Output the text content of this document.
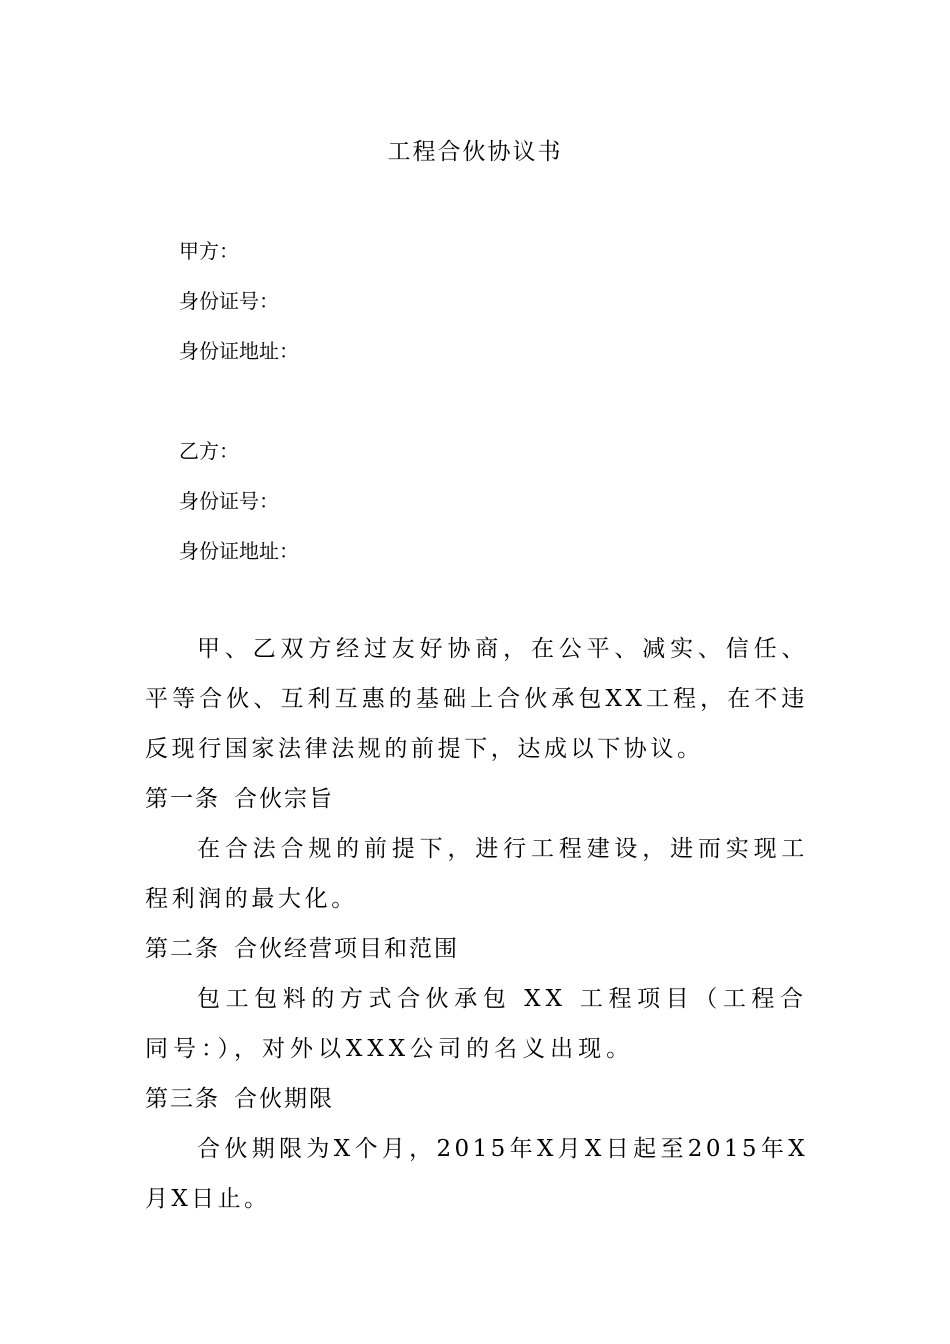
工程合伙协议书
甲方：
身份证号：
身份证地址：
乙方：
身份证号：
身份证地址：

甲、乙双方经过友好协商，在公平、减实、信任、平等合伙、互利互惠的基础上合伙承包XX工程，在不违反现行国家法律法规的前提下，达成以下协议。

第一条 合伙宗旨

在合法合规的前提下，进行工程建设，进而实现工程利润的最大化。

第二条 合伙经营项目和范围

包工包料的方式合伙承包 XX 工程项目（工程合同号：），对外以XXX公司的名义出现。

第三条 合伙期限

合伙期限为X个月，2015年X月X日起至2015年X月X日止。
